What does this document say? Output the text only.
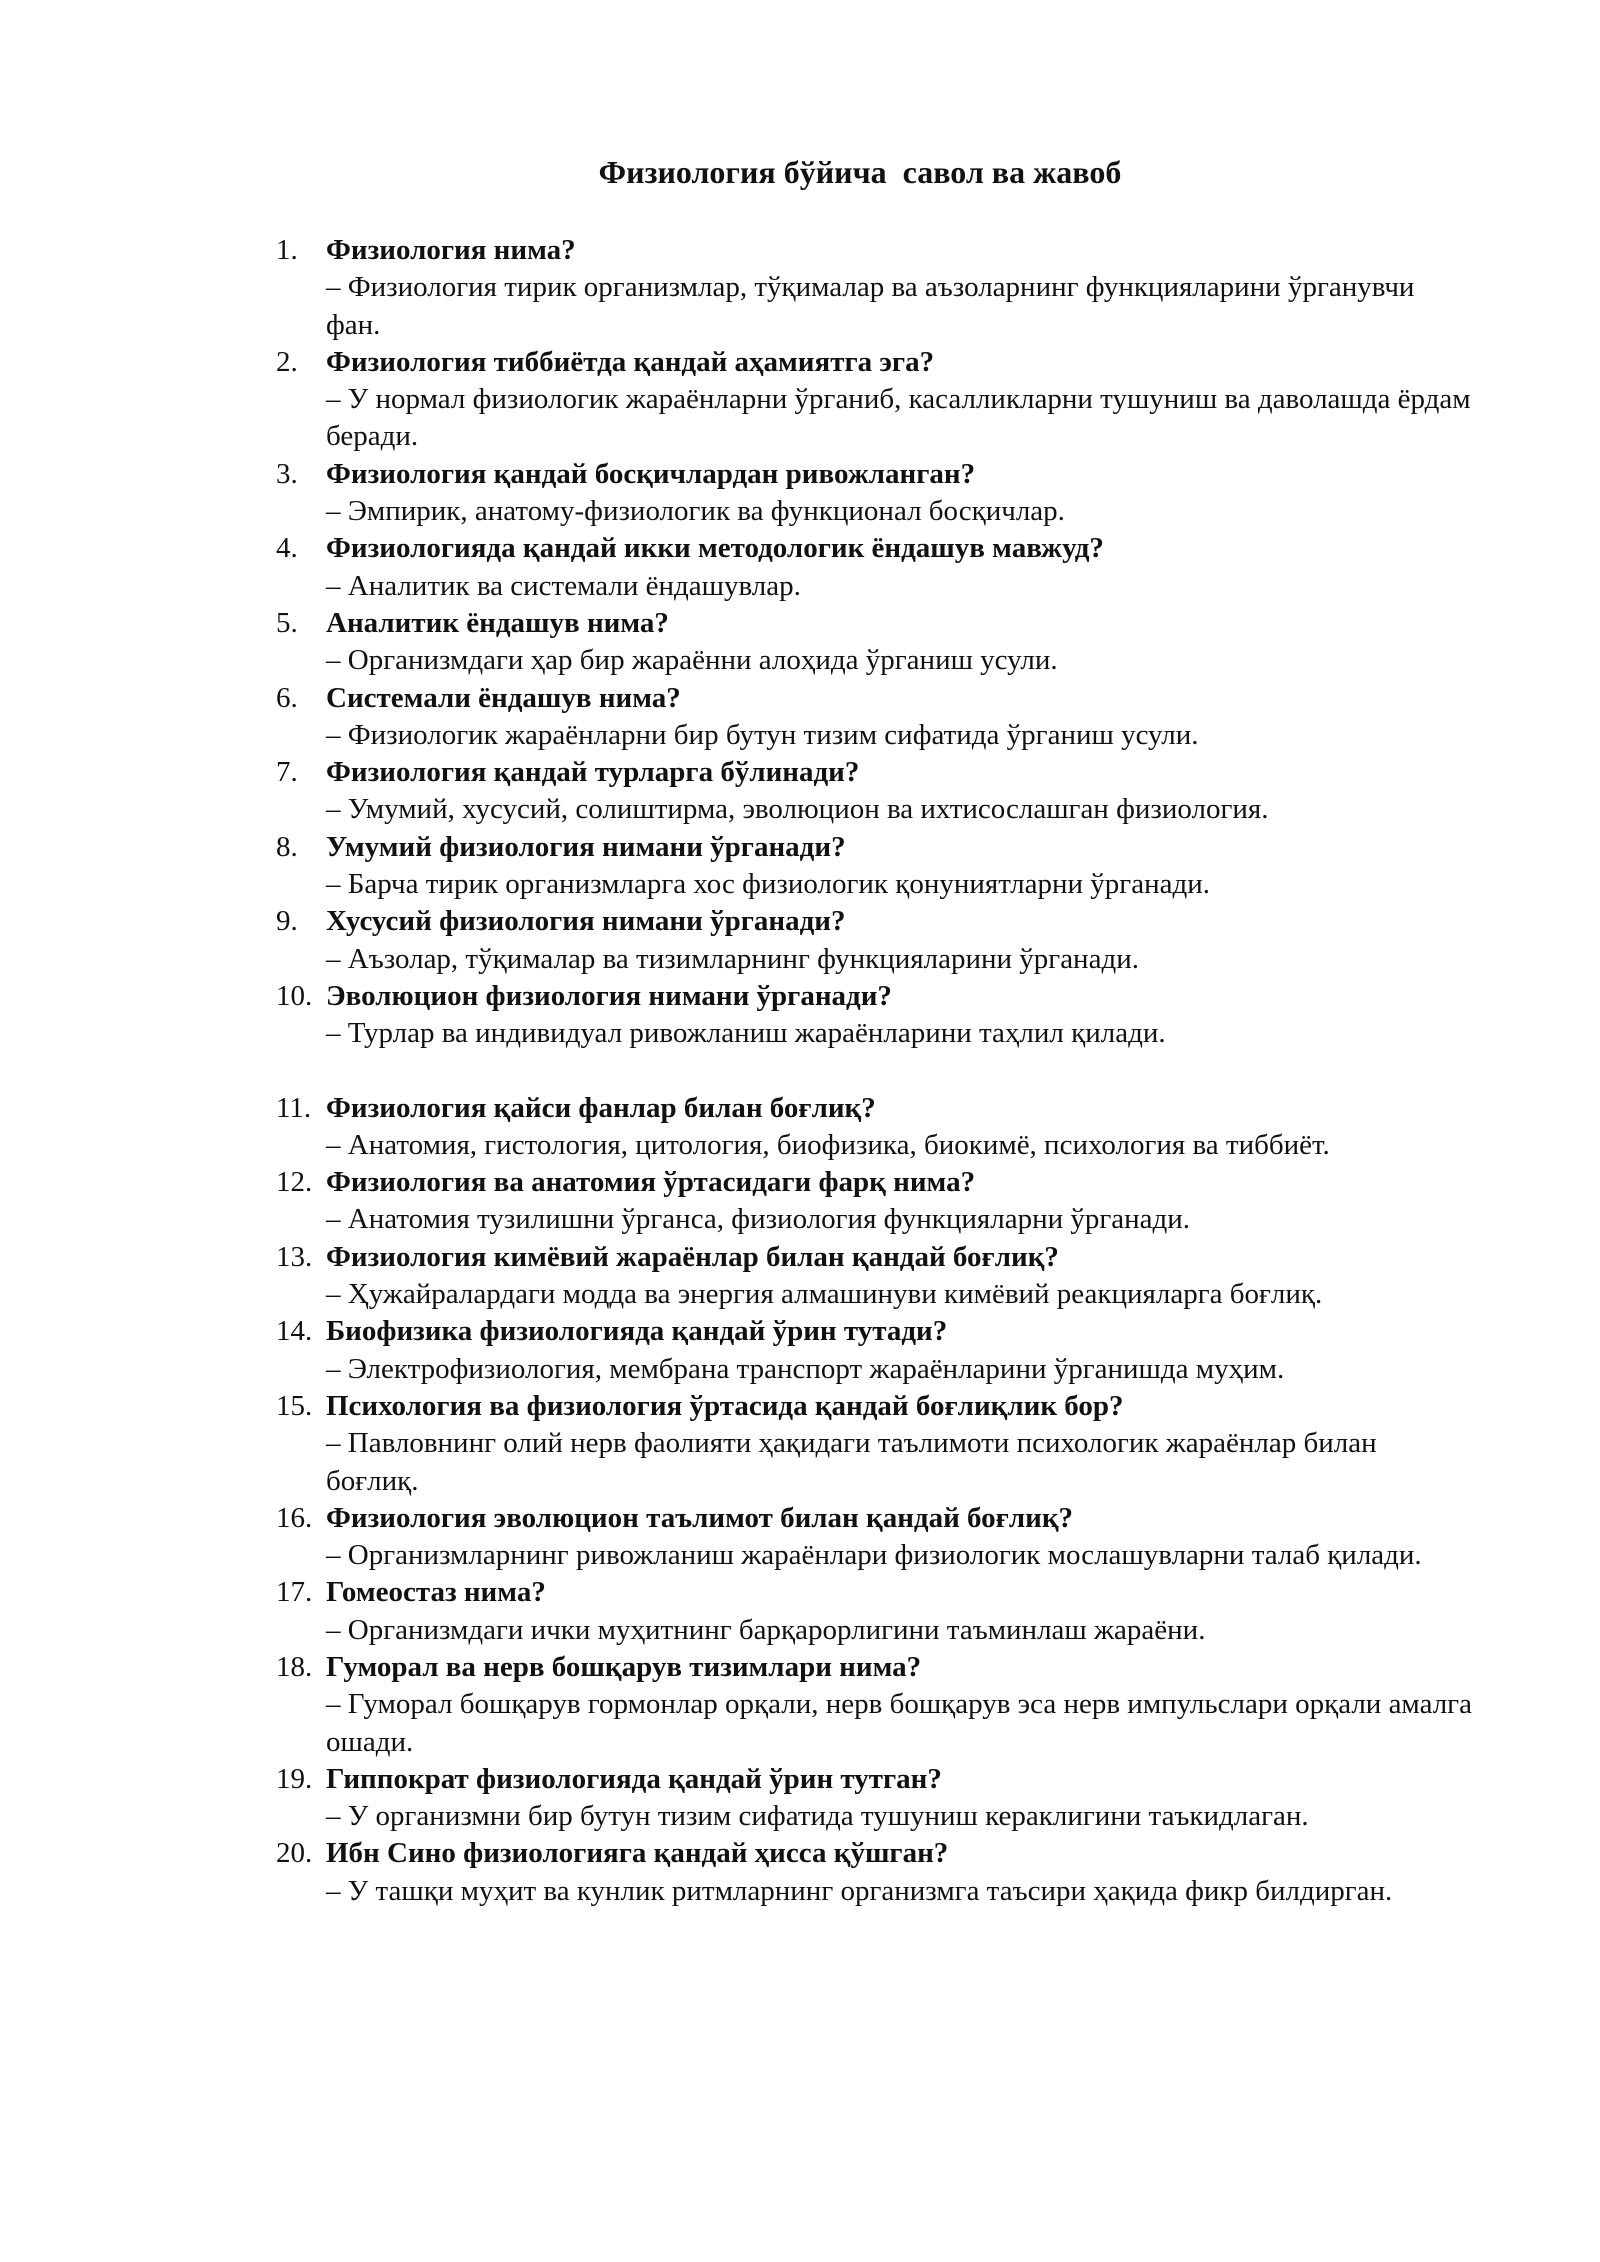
Физиология бўйича  савол ва жавоб
1. Физиология нима?
– Физиология тирик организмлар, тўқималар ва аъзоларнинг функцияларини ўрганувчи фан.
2. Физиология тиббиётда қандай аҳамиятга эга?
– У нормал физиологик жараёнларни ўрганиб, касалликларни тушуниш ва даволашда ёрдам беради.
3. Физиология қандай босқичлардан ривожланган?
– Эмпирик, анатому-физиологик ва функционал босқичлар.
4. Физиологияда қандай икки методологик ёндашув мавжуд?
– Аналитик ва системали ёндашувлар.
5. Аналитик ёндашув нима?
– Организмдаги ҳар бир жараённи алоҳида ўрганиш усули.
6. Системали ёндашув нима?
– Физиологик жараёнларни бир бутун тизим сифатида ўрганиш усули.
7. Физиология қандай турларга бўлинади?
– Умумий, хусусий, солиштирма, эволюцион ва ихтисослашган физиология.
8. Умумий физиология нимани ўрганади?
– Барча тирик организмларга хос физиологик қонуниятларни ўрганади.
9. Хусусий физиология нимани ўрганади?
– Аъзолар, тўқималар ва тизимларнинг функцияларини ўрганади.
10. Эволюцион физиология нимани ўрганади?
– Турлар ва индивидуал ривожланиш жараёнларини таҳлил қилади.
11. Физиология қайси фанлар билан боғлиқ?
– Анатомия, гистология, цитология, биофизика, биокимё, психология ва тиббиёт.
12. Физиология ва анатомия ўртасидаги фарқ нима?
– Анатомия тузилишни ўрганса, физиология функцияларни ўрганади.
13. Физиология кимёвий жараёнлар билан қандай боғлиқ?
– Ҳужайралардаги модда ва энергия алмашинуви кимёвий реакцияларга боғлиқ.
14. Биофизика физиологияда қандай ўрин тутади?
– Электрофизиология, мембрана транспорт жараёнларини ўрганишда муҳим.
15. Психология ва физиология ўртасида қандай боғлиқлик бор?
– Павловнинг олий нерв фаолияти ҳақидаги таълимоти психологик жараёнлар билан боғлиқ.
16. Физиология эволюцион таълимот билан қандай боғлиқ?
– Организмларнинг ривожланиш жараёнлари физиологик мослашувларни талаб қилади.
17. Гомеостаз нима?
– Организмдаги ички муҳитнинг барқарорлигини таъминлаш жараёни.
18. Гуморал ва нерв бошқарув тизимлари нима?
– Гуморал бошқарув гормонлар орқали, нерв бошқарув эса нерв импульслари орқали амалга ошади.
19. Гиппократ физиологияда қандай ўрин тутган?
– У организмни бир бутун тизим сифатида тушуниш кераклигини таъкидлаган.
20. Ибн Сино физиологияга қандай ҳисса қўшган?
– У ташқи муҳит ва кунлик ритмларнинг организмга таъсири ҳақида фикр билдирган.
